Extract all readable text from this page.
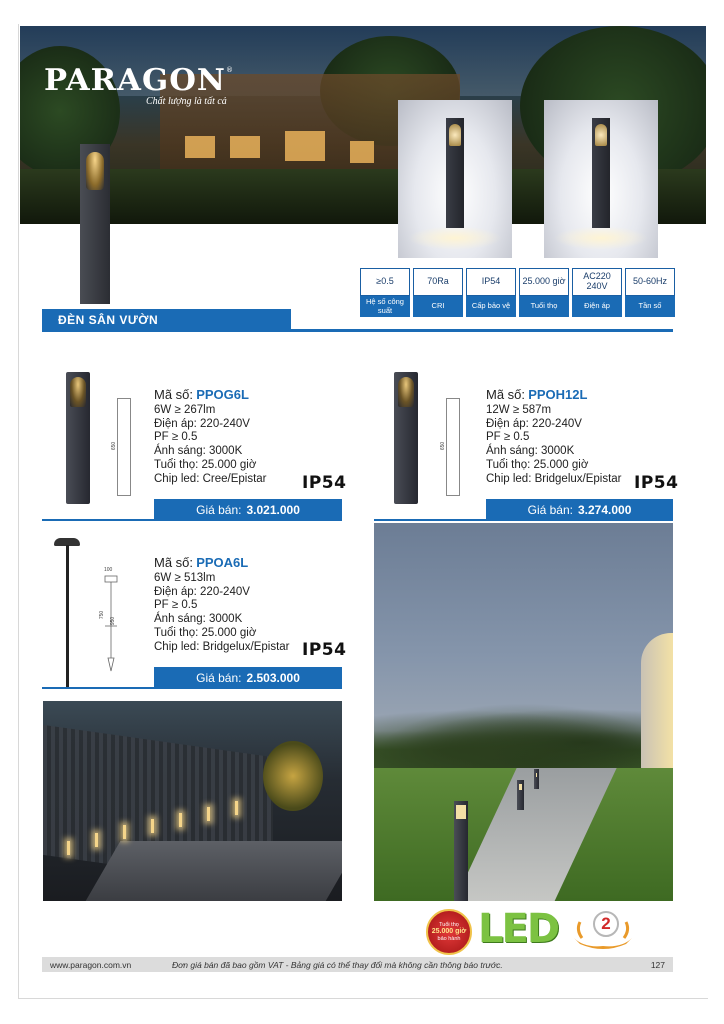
PARAGON ®
Chất lượng là tất cả
≥0.5
Hệ số công suất
70Ra
CRI
IP54
Cấp bảo vệ
25.000 giờ
Tuổi thọ
AC220 240V
Điện áp
50-60Hz
Tần số
ĐÈN SÂN VƯỜN
650
Mã số: PPOG6L
6W ≥ 267lm
Điện áp: 220-240V
PF ≥ 0.5
Ánh sáng: 3000K
Tuổi thọ: 25.000 giờ
Chip led: Cree/Epistar IP54
Giá bán: 3.021.000
650
Mã số: PPOH12L
12W ≥ 587m
Điện áp: 220-240V
PF ≥ 0.5
Ánh sáng: 3000K
Tuổi thọ: 25.000 giờ
Chip led: Bridgelux/Epistar IP54
Giá bán: 3.274.000
100
750
950
Mã số: PPOA6L
6W ≥ 513lm
Điện áp: 220-240V
PF ≥ 0.5
Ánh sáng: 3000K
Tuổi thọ: 25.000 giờ
Chip led: Bridgelux/Epistar IP54
Giá bán: 2.503.000
Tuổi thọ
25.000 giờ
bảo hành LED	2
www.paragon.com.vn	Đơn giá bán đã bao gồm VAT - Bảng giá có thể thay đổi mà không cần thông báo trước.	127
